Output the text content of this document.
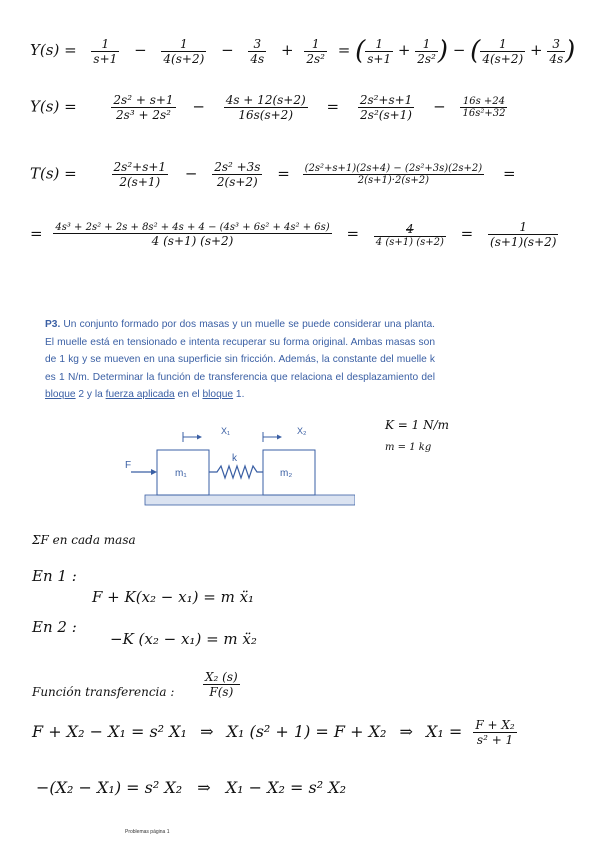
$Y(s) = \frac{1}{s+1} - \frac{1}{4(s+2)} - \frac{3}{4s} + \frac{1}{\text{2s²}}$ = ( $\frac{1}{s+1} + \frac{1}{\text{2s²}}$ ) − ( $\frac{1}{4(s+2)} + \frac{3}{4s}$ )
Y(s) =	$\frac{\text{2s² + s+1}}{\text{2s³ + 2s²}} - \frac{4s + 12(s+2)}{16s(s+2)} = \frac{\text{2s²+s+1}}{\text{2s²(s+1)}} - \frac{16s +24}{\text{16s²+32}}$
T(s) =	$\frac{\text{2s²+s+1}}{2(s+1)} - \frac{\text{2s² +3s}}{2(s+2)} = \frac{\text{(2s²+s+1)(2s+4) − (2s²+3s)(2s+2)}}{2(s+1)\cdot 2(s+2)}$ =
= $\frac{\text{4s³ + 2s² + 2s + 8s² + 4s + 4 − (4s³ + 6s² + 4s² + 6s)}}{4 (s+1) (s+2)} = \frac{4}{4 (s+1) (s+2)} = \frac{1}{(s+1)(s+2)}$
P3. Un conjunto formado por dos masas y un muelle se puede considerar una planta. El muelle está en tensionado e intenta recuperar su forma original. Ambas masas son de 1 kg y se mueven en una superficie sin fricción. Además, la constante del muelle k es 1 N/m. Determinar la función de transferencia que relaciona el desplazamiento del bloque 2 y la fuerza aplicada en el bloque 1.
F
X₁	X₂
k
m₁	m₂
K = 1 N/m
m = 1 kg
ΣF en cada masa
En 1 :
F + K(x₂ − x₁) = m ẍ₁
En 2 :
−K (x₂ − x₁) = m ẍ₂
Función transferencia : $\frac{\text{X₂ (s)}}{F(s)}$
F + X₂ − X₁ = s² X₁ ⇒ X₁ (s² + 1) = F + X₂ ⇒ $X_1 = \frac{\text{F + X₂}}{\text{s² + 1}}$
−(X₂ − X₁) = s² X₂ ⇒ X₁ − X₂ = s² X₂
Problemas página 1
